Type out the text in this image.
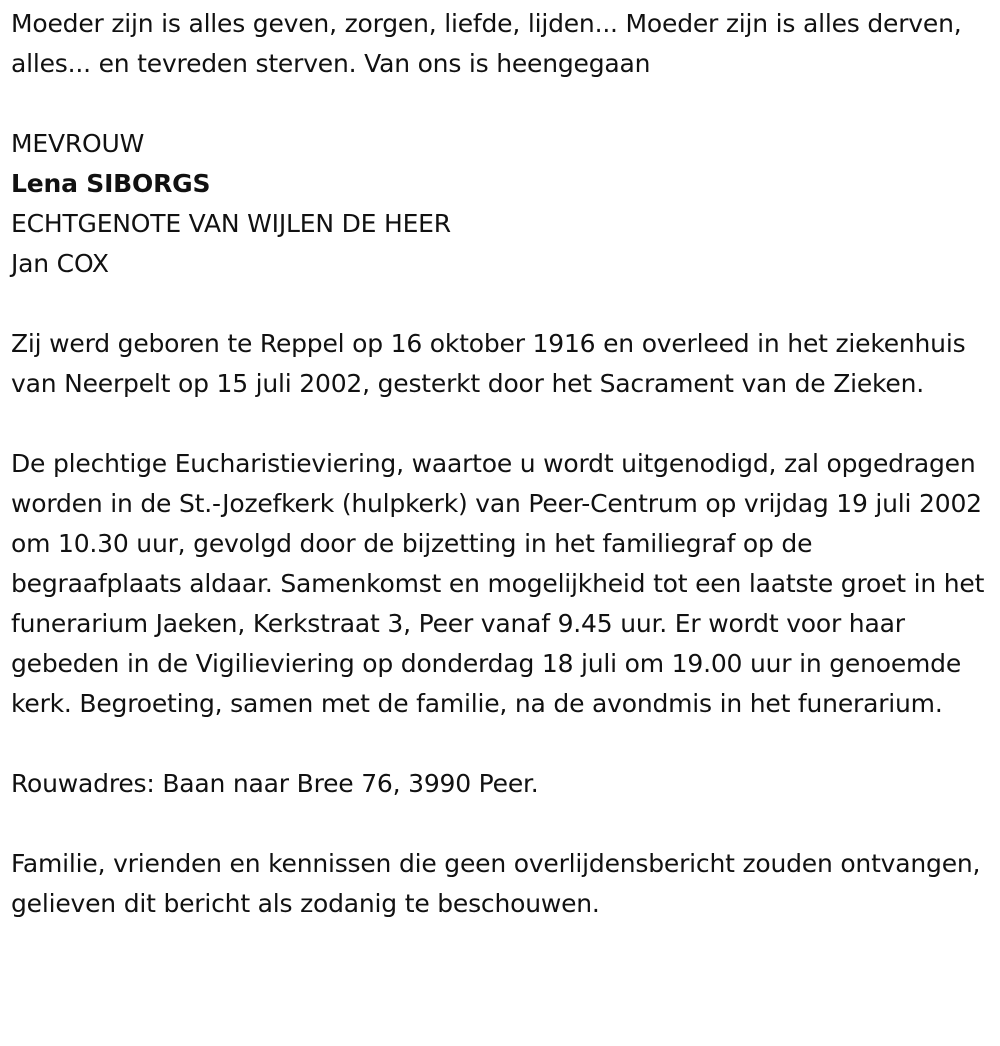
Moeder zijn is alles geven, zorgen, liefde, lijden... Moeder zijn is alles derven, alles... en tevreden sterven. Van ons is heengegaan

MEVROUW

Lena SIBORGS

ECHTGENOTE VAN WIJLEN DE HEER

Jan COX

Zij werd geboren te Reppel op 16 oktober 1916 en overleed in het ziekenhuis van Neerpelt op 15 juli 2002, gesterkt door het Sacrament van de Zieken.

De plechtige Eucharistieviering, waartoe u wordt uitgenodigd, zal opgedragen worden in de St.-Jozefkerk (hulpkerk) van Peer-Centrum op vrijdag 19 juli 2002 om 10.30 uur, gevolgd door de bijzetting in het familiegraf op de begraafplaats aldaar. Samenkomst en mogelijkheid tot een laatste groet in het funerarium Jaeken, Kerkstraat 3, Peer vanaf 9.45 uur. Er wordt voor haar gebeden in de Vigilieviering op donderdag 18 juli om 19.00 uur in genoemde kerk. Begroeting, samen met de familie, na de avondmis in het funerarium.

Rouwadres: Baan naar Bree 76, 3990 Peer.

Familie, vrienden en kennissen die geen overlijdensbericht zouden ontvangen, gelieven dit bericht als zodanig te beschouwen.
